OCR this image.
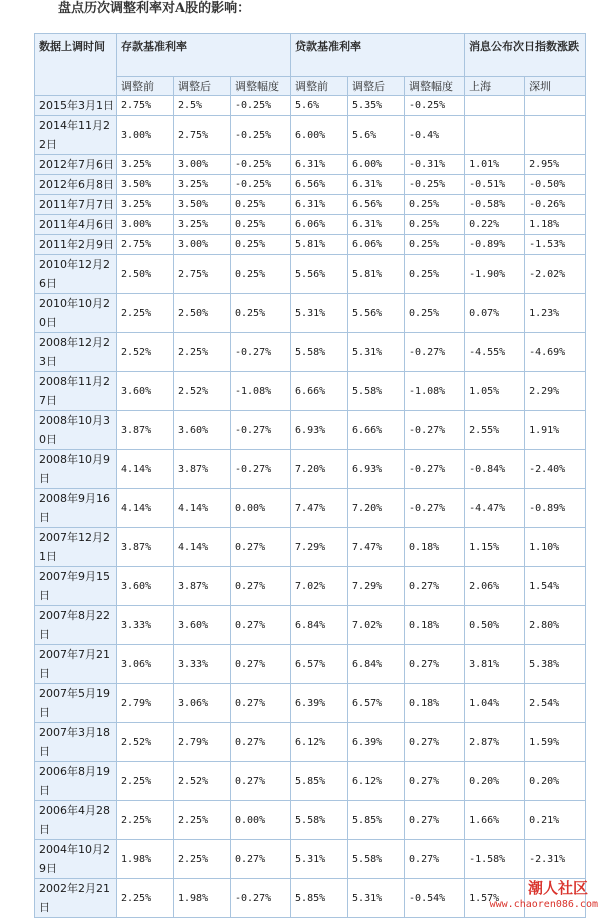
盘点历次调整利率对A股的影响：
数据上调时间	存款基准利率			贷款基准利率			消息公布次日指数涨跌	
	调整前	调整后	调整幅度	调整前	调整后	调整幅度	上海	深圳
2015年3月1日	2.75%	2.5%	-0.25%	5.6%	5.35%	-0.25%		
2014年11月22日	3.00%	2.75%	-0.25%	6.00%	5.6%	-0.4%		
2012年7月6日	3.25%	3.00%	-0.25%	6.31%	6.00%	-0.31%	1.01%	2.95%
2012年6月8日	3.50%	3.25%	-0.25%	6.56%	6.31%	-0.25%	-0.51%	-0.50%
2011年7月7日	3.25%	3.50%	0.25%	6.31%	6.56%	0.25%	-0.58%	-0.26%
2011年4月6日	3.00%	3.25%	0.25%	6.06%	6.31%	0.25%	0.22%	1.18%
2011年2月9日	2.75%	3.00%	0.25%	5.81%	6.06%	0.25%	-0.89%	-1.53%
2010年12月26日	2.50%	2.75%	0.25%	5.56%	5.81%	0.25%	-1.90%	-2.02%
2010年10月20日	2.25%	2.50%	0.25%	5.31%	5.56%	0.25%	0.07%	1.23%
2008年12月23日	2.52%	2.25%	-0.27%	5.58%	5.31%	-0.27%	-4.55%	-4.69%
2008年11月27日	3.60%	2.52%	-1.08%	6.66%	5.58%	-1.08%	1.05%	2.29%
2008年10月30日	3.87%	3.60%	-0.27%	6.93%	6.66%	-0.27%	2.55%	1.91%
2008年10月9日	4.14%	3.87%	-0.27%	7.20%	6.93%	-0.27%	-0.84%	-2.40%
2008年9月16日	4.14%	4.14%	0.00%	7.47%	7.20%	-0.27%	-4.47%	-0.89%
2007年12月21日	3.87%	4.14%	0.27%	7.29%	7.47%	0.18%	1.15%	1.10%
2007年9月15日	3.60%	3.87%	0.27%	7.02%	7.29%	0.27%	2.06%	1.54%
2007年8月22日	3.33%	3.60%	0.27%	6.84%	7.02%	0.18%	0.50%	2.80%
2007年7月21日	3.06%	3.33%	0.27%	6.57%	6.84%	0.27%	3.81%	5.38%
2007年5月19日	2.79%	3.06%	0.27%	6.39%	6.57%	0.18%	1.04%	2.54%
2007年3月18日	2.52%	2.79%	0.27%	6.12%	6.39%	0.27%	2.87%	1.59%
2006年8月19日	2.25%	2.52%	0.27%	5.85%	6.12%	0.27%	0.20%	0.20%
2006年4月28日	2.25%	2.25%	0.00%	5.58%	5.85%	0.27%	1.66%	0.21%
2004年10月29日	1.98%	2.25%	0.27%	5.31%	5.58%	0.27%	-1.58%	-2.31%
2002年2月21日	2.25%	1.98%	-0.27%	5.85%	5.31%	-0.54%	1.57%	
潮人社区
www.chaoren086.com
